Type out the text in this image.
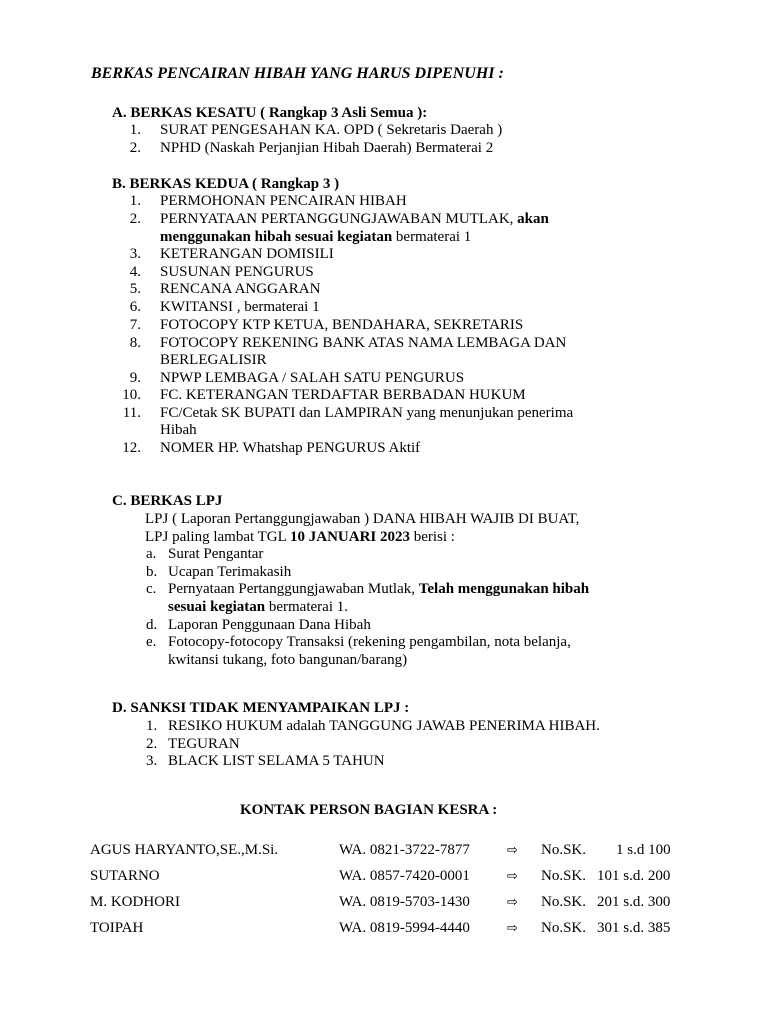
BERKAS PENCAIRAN HIBAH YANG HARUS DIPENUHI :
A. BERKAS KESATU ( Rangkap 3 Asli Semua ):
1. SURAT PENGESAHAN KA. OPD ( Sekretaris Daerah )
2. NPHD (Naskah Perjanjian Hibah Daerah) Bermaterai 2
B. BERKAS KEDUA ( Rangkap 3 )
1. PERMOHONAN PENCAIRAN HIBAH
2. PERNYATAAN PERTANGGUNGJAWABAN MUTLAK, akan
menggunakan hibah sesuai kegiatan bermaterai 1
3. KETERANGAN DOMISILI
4. SUSUNAN PENGURUS
5. RENCANA ANGGARAN
6. KWITANSI , bermaterai 1
7. FOTOCOPY KTP KETUA, BENDAHARA, SEKRETARIS
8. FOTOCOPY REKENING BANK ATAS NAMA LEMBAGA DAN
BERLEGALISIR
9. NPWP LEMBAGA / SALAH SATU PENGURUS
10. FC. KETERANGAN TERDAFTAR BERBADAN HUKUM
11. FC/Cetak SK BUPATI dan LAMPIRAN yang menunjukan penerima
Hibah
12. NOMER HP. Whatshap PENGURUS Aktif
C. BERKAS LPJ
LPJ ( Laporan Pertanggungjawaban ) DANA HIBAH WAJIB DI BUAT,
LPJ paling lambat TGL 10 JANUARI 2023 berisi :
a. Surat Pengantar
b. Ucapan Terimakasih
c. Pernyataan Pertanggungjawaban Mutlak, Telah menggunakan hibah
sesuai kegiatan bermaterai 1.
d. Laporan Penggunaan Dana Hibah
e. Fotocopy-fotocopy Transaksi (rekening pengambilan, nota belanja,
kwitansi tukang, foto bangunan/barang)
D. SANKSI TIDAK MENYAMPAIKAN LPJ :
1. RESIKO HUKUM adalah TANGGUNG JAWAB PENERIMA HIBAH.
2. TEGURAN
3. BLACK LIST SELAMA 5 TAHUN
KONTAK PERSON BAGIAN KESRA :
AGUS HARYANTO,SE.,M.Si.	WA. 0821-3722-7877	⇨ No.SK. 1 s.d 100
SUTARNO	WA. 0857-7420-0001	⇨ No.SK. 101 s.d. 200
M. KODHORI	WA. 0819-5703-1430	⇨ No.SK. 201 s.d. 300
TOIPAH	WA. 0819-5994-4440	⇨ No.SK. 301 s.d. 385
